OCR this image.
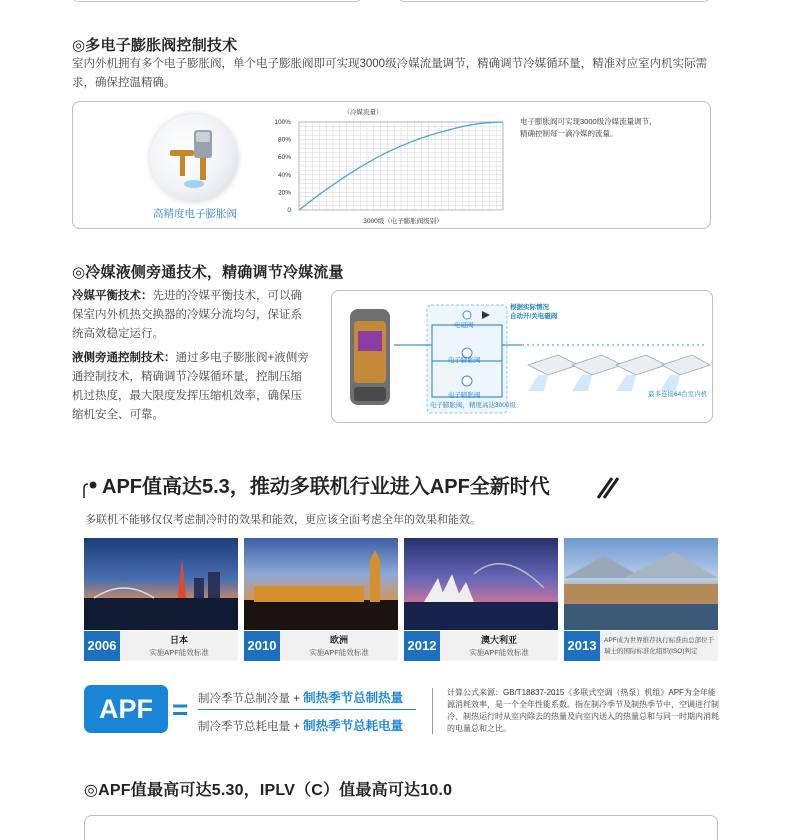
◎多电子膨胀阀控制技术
室内外机拥有多个电子膨胀阀，单个电子膨胀阀即可实现3000级冷媒流量调节，精确调节冷媒循环量，精准对应室内机实际需求，确保控温精确。
高精度电子膨胀阀
100%
80%
60%
40%
20%
0
（冷媒流量）
3000级（电子膨胀阀级别）
电子膨胀阀可实现3000级冷媒流量调节，精确控制每一滴冷媒的流量。
◎冷媒液侧旁通技术，精确调节冷媒流量
冷媒平衡技术：先进的冷媒平衡技术，可以确保室内外机热交换器的冷媒分流均匀，保证系统高效稳定运行。
液侧旁通控制技术：通过多电子膨胀阀+液侧旁通控制技术，精确调节冷媒循环量，控制压缩机过热度，最大限度发挥压缩机效率，确保压缩机安全、可靠。
根据实际情况
自动开/关电磁阀
电磁阀
电子膨胀阀
电子膨胀阀
电子膨胀阀，精度高达3000级
最多连接64台室内机
APF值高达5.3，推动多联机行业进入APF全新时代
多联机不能够仅仅考虑制冷时的效果和能效，更应该全面考虑全年的效果和能效。
2006	日本
实施APF能效标准	2010	欧洲
实施APF能效标准	2012	澳大利亚
实施APF能效标准	2013	APF成为世界推荐执行标准由总部位于瑞士的国际标准化组织(ISO)判定
APF = 制冷季节总制冷量 + 制热季节总制热量
制冷季节总耗电量 + 制热季节总耗电量
计算公式来源：GB/T18837-2015《多联式空调（热泵）机组》APF为全年能源消耗效率，是一个全年性能系数。指在制冷季节及制热季节中，空调进行制冷、制热运行时从室内除去的热量及向室内送入的热量总和与同一时期内消耗的电量总和之比。
◎APF值最高可达5.30，IPLV（C）值最高可达10.0
